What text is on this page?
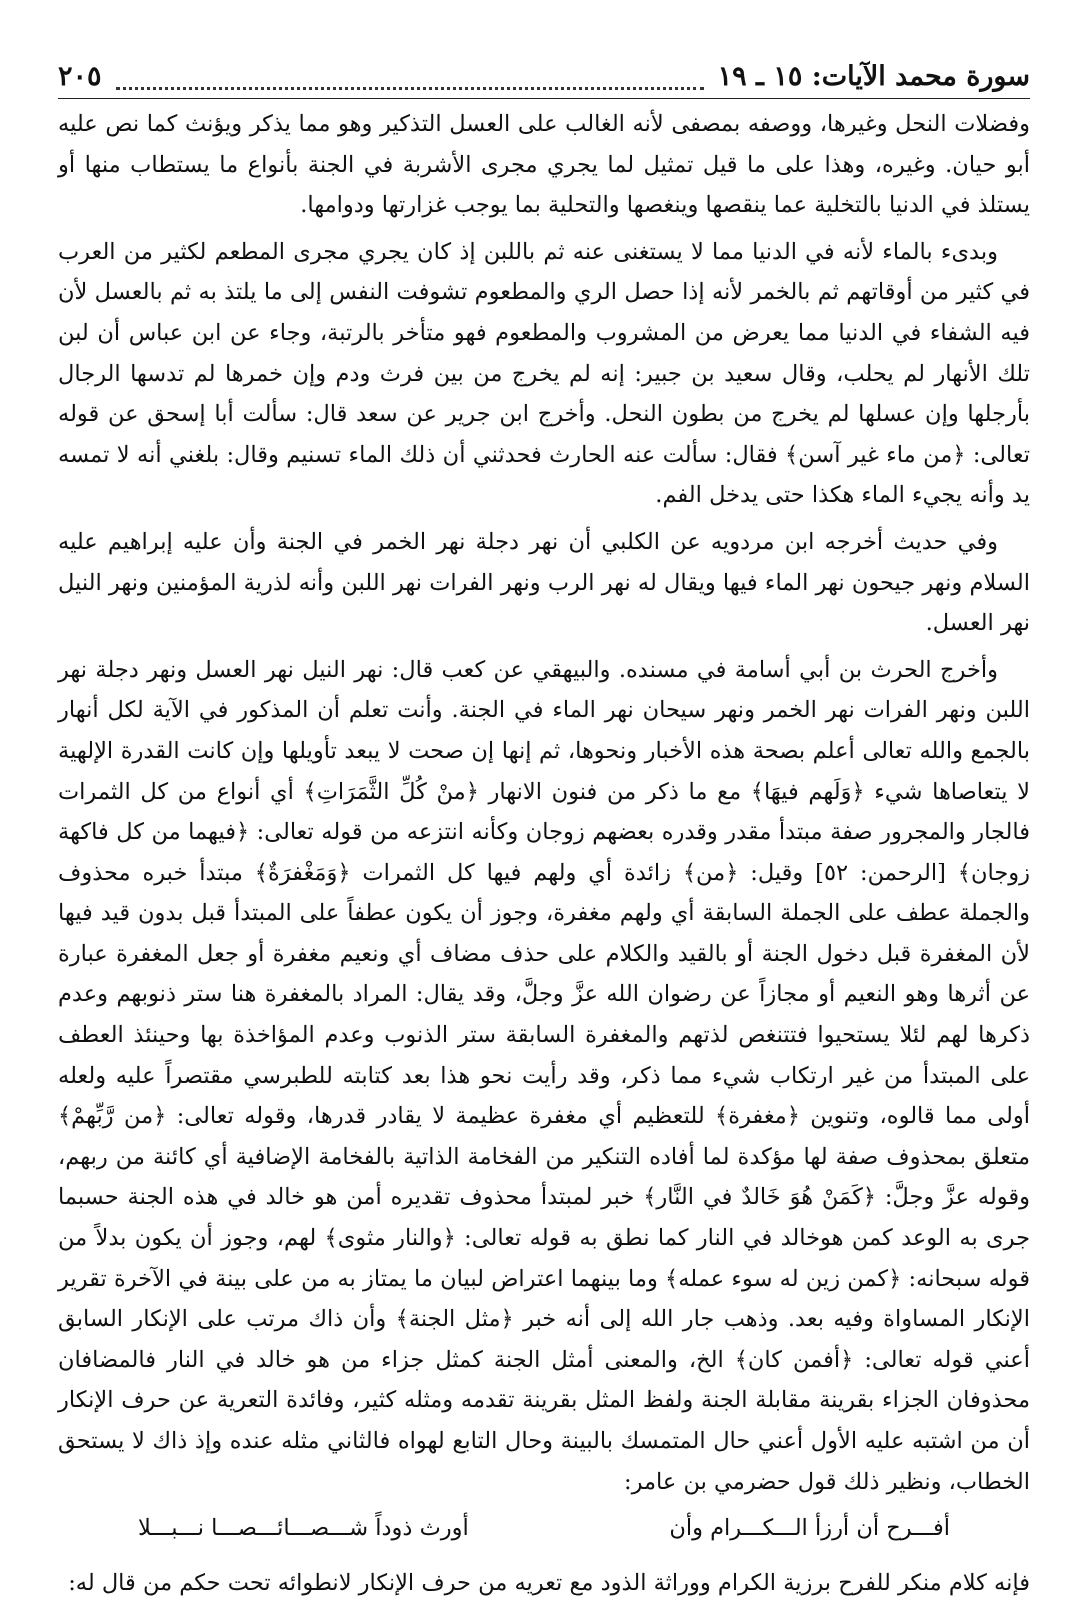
سورة محمد الآيات: ١٥ ـ ١٩
٢٠٥

وفضلات النحل وغيرها، ووصفه بمصفى لأنه الغالب على العسل التذكير وهو مما يذكر ويؤنث كما نص عليه أبو حيان. وغيره، وهذا على ما قيل تمثيل لما يجري مجرى الأشربة في الجنة بأنواع ما يستطاب منها أو يستلذ في الدنيا بالتخلية عما ينقصها وينغصها والتحلية بما يوجب غزارتها ودوامها.

وبدىء بالماء لأنه في الدنيا مما لا يستغنى عنه ثم باللبن إذ كان يجري مجرى المطعم لكثير من العرب في كثير من أوقاتهم ثم بالخمر لأنه إذا حصل الري والمطعوم تشوفت النفس إلى ما يلتذ به ثم بالعسل لأن فيه الشفاء في الدنيا مما يعرض من المشروب والمطعوم فهو متأخر بالرتبة، وجاء عن ابن عباس أن لبن تلك الأنهار لم يحلب، وقال سعيد بن جبير: إنه لم يخرج من بين فرث ودم وإن خمرها لم تدسها الرجال بأرجلها وإن عسلها لم يخرج من بطون النحل. وأخرج ابن جرير عن سعد قال: سألت أبا إسحق عن قوله تعالى: ﴿من ماء غير آسن﴾ فقال: سألت عنه الحارث فحدثني أن ذلك الماء تسنيم وقال: بلغني أنه لا تمسه يد وأنه يجيء الماء هكذا حتى يدخل الفم.

وفي حديث أخرجه ابن مردويه عن الكلبي أن نهر دجلة نهر الخمر في الجنة وأن عليه إبراهيم عليه السلام ونهر جيحون نهر الماء فيها ويقال له نهر الرب ونهر الفرات نهر اللبن وأنه لذرية المؤمنين ونهر النيل نهر العسل.

وأخرج الحرث بن أبي أسامة في مسنده. والبيهقي عن كعب قال: نهر النيل نهر العسل ونهر دجلة نهر اللبن ونهر الفرات نهر الخمر ونهر سيحان نهر الماء في الجنة. وأنت تعلم أن المذكور في الآية لكل أنهار بالجمع والله تعالى أعلم بصحة هذه الأخبار ونحوها، ثم إنها إن صحت لا يبعد تأويلها وإن كانت القدرة الإلهية لا يتعاصاها شيء ﴿وَلَهم فيهَا﴾ مع ما ذكر من فنون الانهار ﴿منْ كُلِّ الثَّمَرَاتِ﴾ أي أنواع من كل الثمرات فالجار والمجرور صفة مبتدأ مقدر وقدره بعضهم زوجان وكأنه انتزعه من قوله تعالى: ﴿فيهما من كل فاكهة زوجان﴾ [الرحمن: ٥٢] وقيل: ﴿من﴾ زائدة أي ولهم فيها كل الثمرات ﴿وَمَغْفرَةٌ﴾ مبتدأ خبره محذوف والجملة عطف على الجملة السابقة أي ولهم مغفرة، وجوز أن يكون عطفاً على المبتدأ قبل بدون قيد فيها لأن المغفرة قبل دخول الجنة أو بالقيد والكلام على حذف مضاف أي ونعيم مغفرة أو جعل المغفرة عبارة عن أثرها وهو النعيم أو مجازاً عن رضوان الله عزَّ وجلَّ، وقد يقال: المراد بالمغفرة هنا ستر ذنوبهم وعدم ذكرها لهم لئلا يستحيوا فتتنغص لذتهم والمغفرة السابقة ستر الذنوب وعدم المؤاخذة بها وحينئذ العطف على المبتدأ من غير ارتكاب شيء مما ذكر، وقد رأيت نحو هذا بعد كتابته للطبرسي مقتصراً عليه ولعله أولى مما قالوه، وتنوين ﴿مغفرة﴾ للتعظيم أي مغفرة عظيمة لا يقادر قدرها، وقوله تعالى: ﴿من رَّبِّهمْ﴾ متعلق بمحذوف صفة لها مؤكدة لما أفاده التنكير من الفخامة الذاتية بالفخامة الإضافية أي كائنة من ربهم، وقوله عزَّ وجلَّ: ﴿كَمَنْ هُوَ خَالدٌ في النَّار﴾ خبر لمبتدأ محذوف تقديره أمن هو خالد في هذه الجنة حسبما جرى به الوعد كمن هوخالد في النار كما نطق به قوله تعالى: ﴿والنار مثوى﴾ لهم، وجوز أن يكون بدلاً من قوله سبحانه: ﴿كمن زين له سوء عمله﴾ وما بينهما اعتراض لبيان ما يمتاز به من على بينة في الآخرة تقرير الإنكار المساواة وفيه بعد. وذهب جار الله إلى أنه خبر ﴿مثل الجنة﴾ وأن ذاك مرتب على الإنكار السابق أعني قوله تعالى: ﴿أفمن كان﴾ الخ، والمعنى أمثل الجنة كمثل جزاء من هو خالد في النار فالمضافان محذوفان الجزاء بقرينة مقابلة الجنة ولفظ المثل بقرينة تقدمه ومثله كثير، وفائدة التعرية عن حرف الإنكار أن من اشتبه عليه الأول أعني حال المتمسك بالبينة وحال التابع لهواه فالثاني مثله عنده وإذ ذاك لا يستحق الخطاب، ونظير ذلك قول حضرمي بن عامر:

أفـــرح أن أرزأ الـــكـــرام وأن
أورث ذوداً شـــصـــائـــصـــا نـــبـــلا

فإنه كلام منكر للفرح برزية الكرام ووراثة الذود مع تعريه من حرف الإنكار لانطوائه تحت حكم من قال له:
